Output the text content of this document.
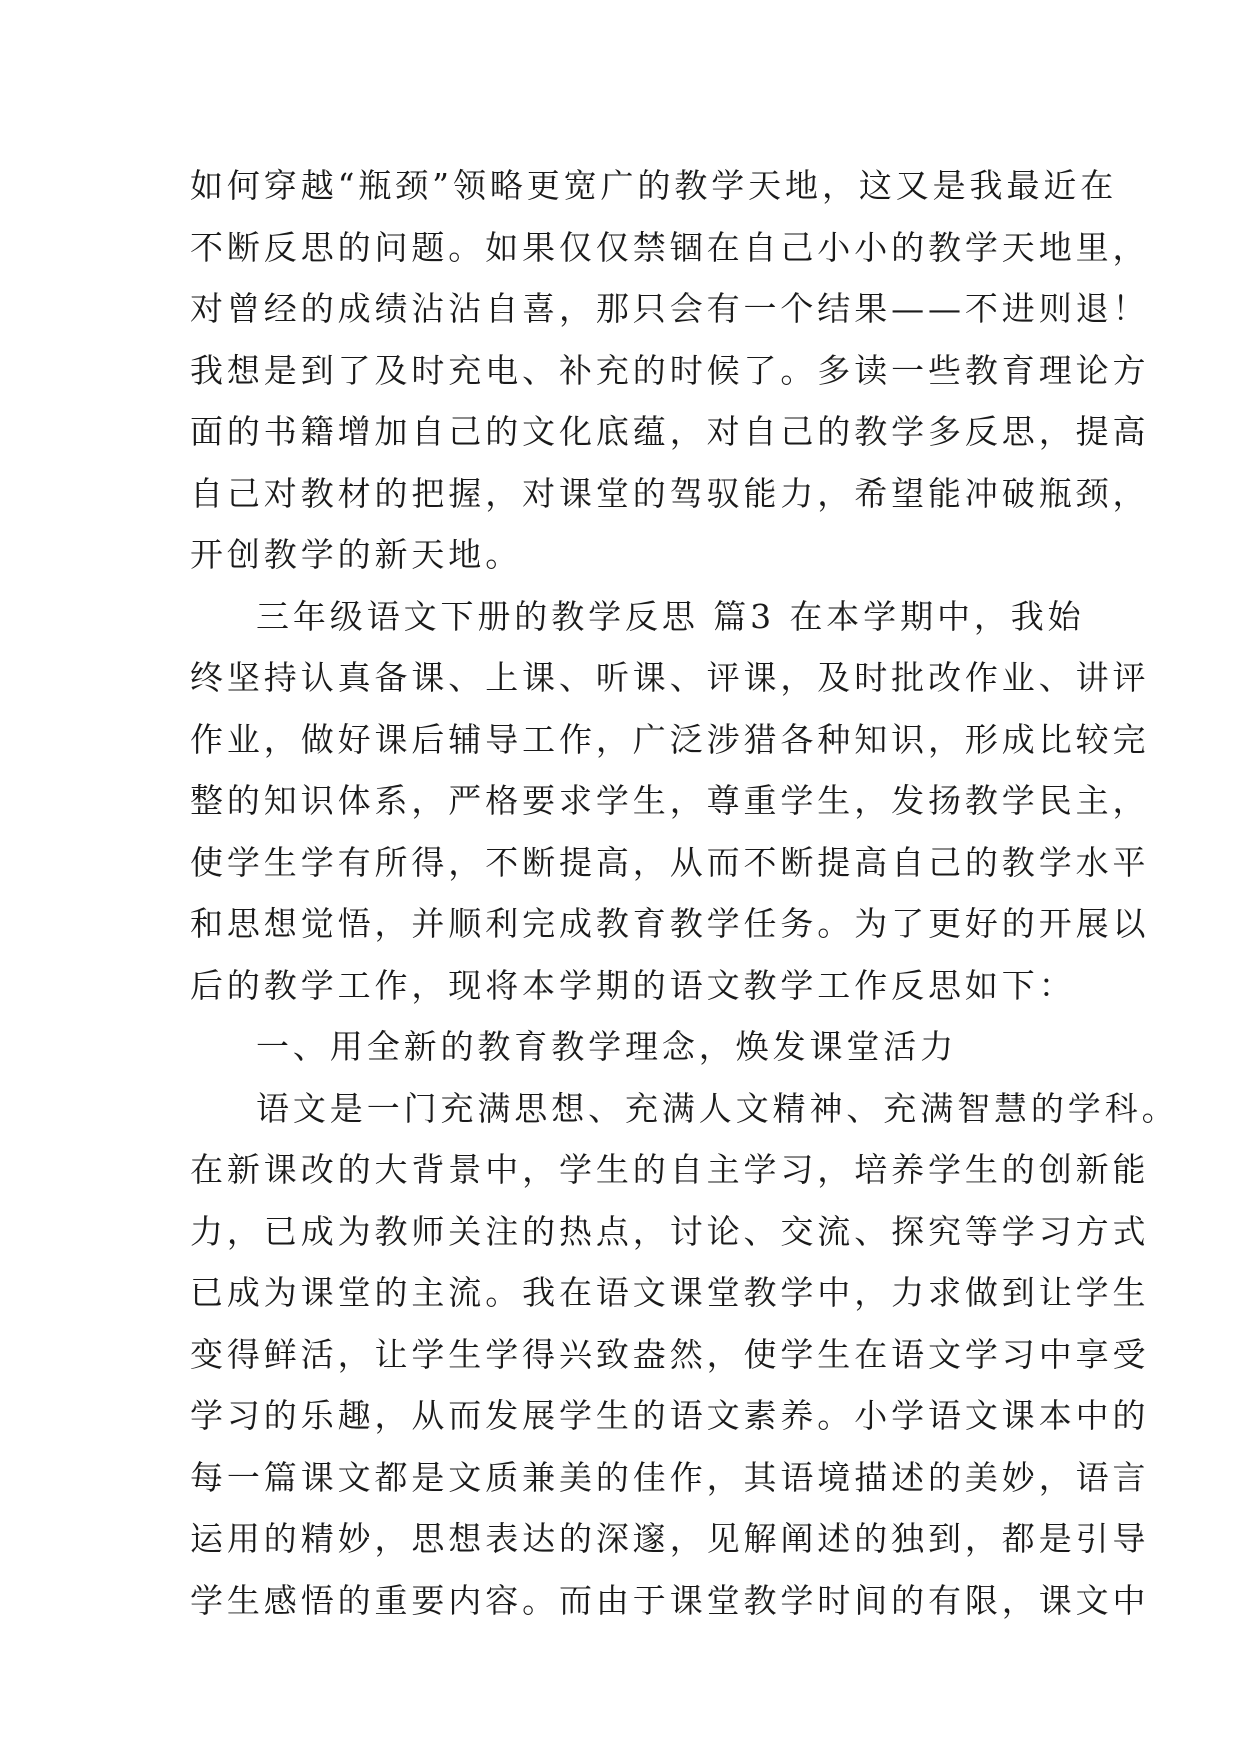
如何穿越“瓶颈”领略更宽广的教学天地，这又是我最近在
不断反思的问题。如果仅仅禁锢在自己小小的教学天地里，
对曾经的成绩沾沾自喜，那只会有一个结果——不进则退！
我想是到了及时充电、补充的时候了。多读一些教育理论方
面的书籍增加自己的文化底蕴，对自己的教学多反思，提高
自己对教材的把握，对课堂的驾驭能力，希望能冲破瓶颈，
开创教学的新天地。
三年级语文下册的教学反思 篇3 在本学期中，我始
终坚持认真备课、上课、听课、评课，及时批改作业、讲评
作业，做好课后辅导工作，广泛涉猎各种知识，形成比较完
整的知识体系，严格要求学生，尊重学生，发扬教学民主，
使学生学有所得，不断提高，从而不断提高自己的教学水平
和思想觉悟，并顺利完成教育教学任务。为了更好的开展以
后的教学工作，现将本学期的语文教学工作反思如下：
一、用全新的教育教学理念，焕发课堂活力
语文是一门充满思想、充满人文精神、充满智慧的学科。
在新课改的大背景中，学生的自主学习，培养学生的创新能
力，已成为教师关注的热点，讨论、交流、探究等学习方式
已成为课堂的主流。我在语文课堂教学中，力求做到让学生
变得鲜活，让学生学得兴致盎然，使学生在语文学习中享受
学习的乐趣，从而发展学生的语文素养。小学语文课本中的
每一篇课文都是文质兼美的佳作，其语境描述的美妙，语言
运用的精妙，思想表达的深邃，见解阐述的独到，都是引导
学生感悟的重要内容。而由于课堂教学时间的有限，课文中
